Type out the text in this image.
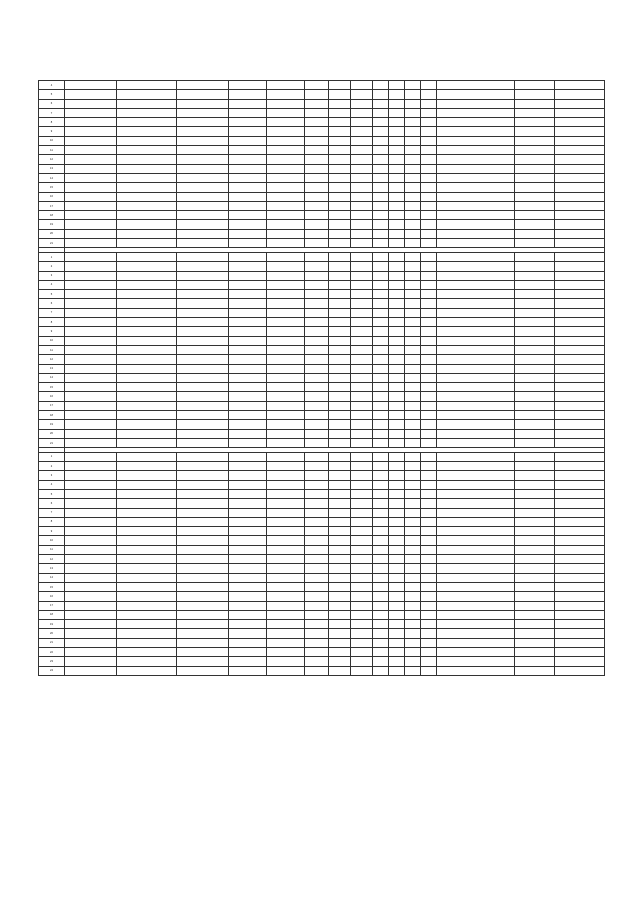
4															
5															
6															
7															
8															
9															
10															
11															
12															
13															
14															
15															
16															
17															
18															
19															
20															
21															

1															
2															
3															
4															
5															
6															
7															
8															
9															
10															
11															
12															
13															
14															
15															
16															
17															
18															
19															
20															
21															

1															
2															
3															
4															
5															
6															
7															
8															
9															
10															
11															
12															
13															
14															
15															
16															
17															
18															
19															
20															
21															
22															
23															
24															
